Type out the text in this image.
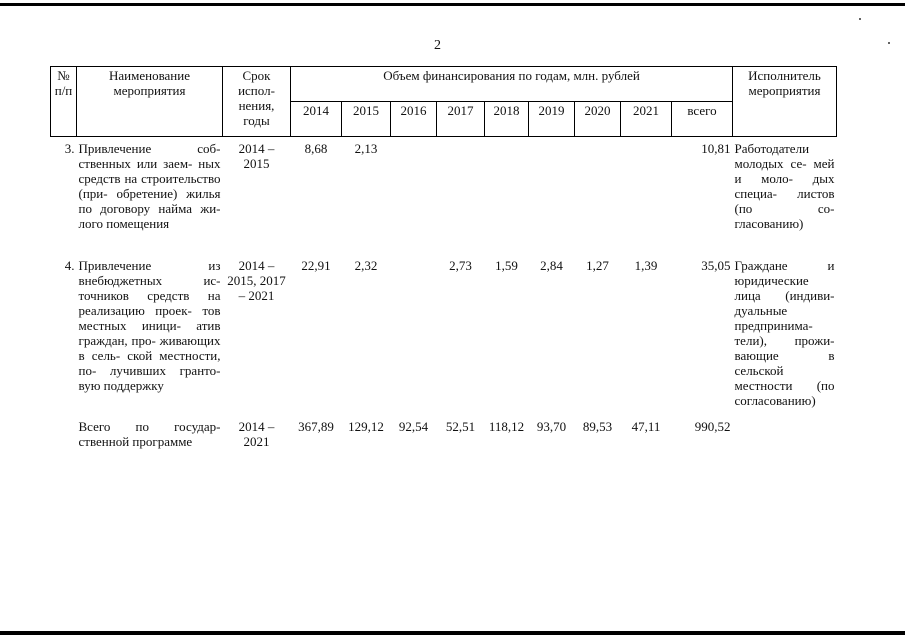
2
№ п/п	Наименование мероприятия	Срок испол- нения, годы	Объем финансирования по годам, млн. рублей									Исполнитель мероприятия
			2014	2015	2016	2017	2018	2019	2020	2021	всего	
3.	Привлечение соб- ственных или заем- ных средств на строительство (при- обретение) жилья по договору найма жи- лого помещения	2014 – 2015	8,68	2,13							10,81	Работодатели молодых се- мей и моло- дых специа- листов (по со- гласованию)
4.	Привлечение из внебюджетных ис- точников средств на реализацию проек- тов местных иници- атив граждан, про- живающих в сель- ской местности, по- лучивших гранто- вую поддержку	2014 – 2015, 2017 – 2021	22,91	2,32		2,73	1,59	2,84	1,27	1,39	35,05	Граждане и юридические лица (индиви- дуальные предпринима- тели), прожи- вающие в сельской местности (по согласованию)
	Всего по государ- ственной программе	2014 – 2021	367,89	129,12	92,54	52,51	118,12	93,70	89,53	47,11	990,52	
